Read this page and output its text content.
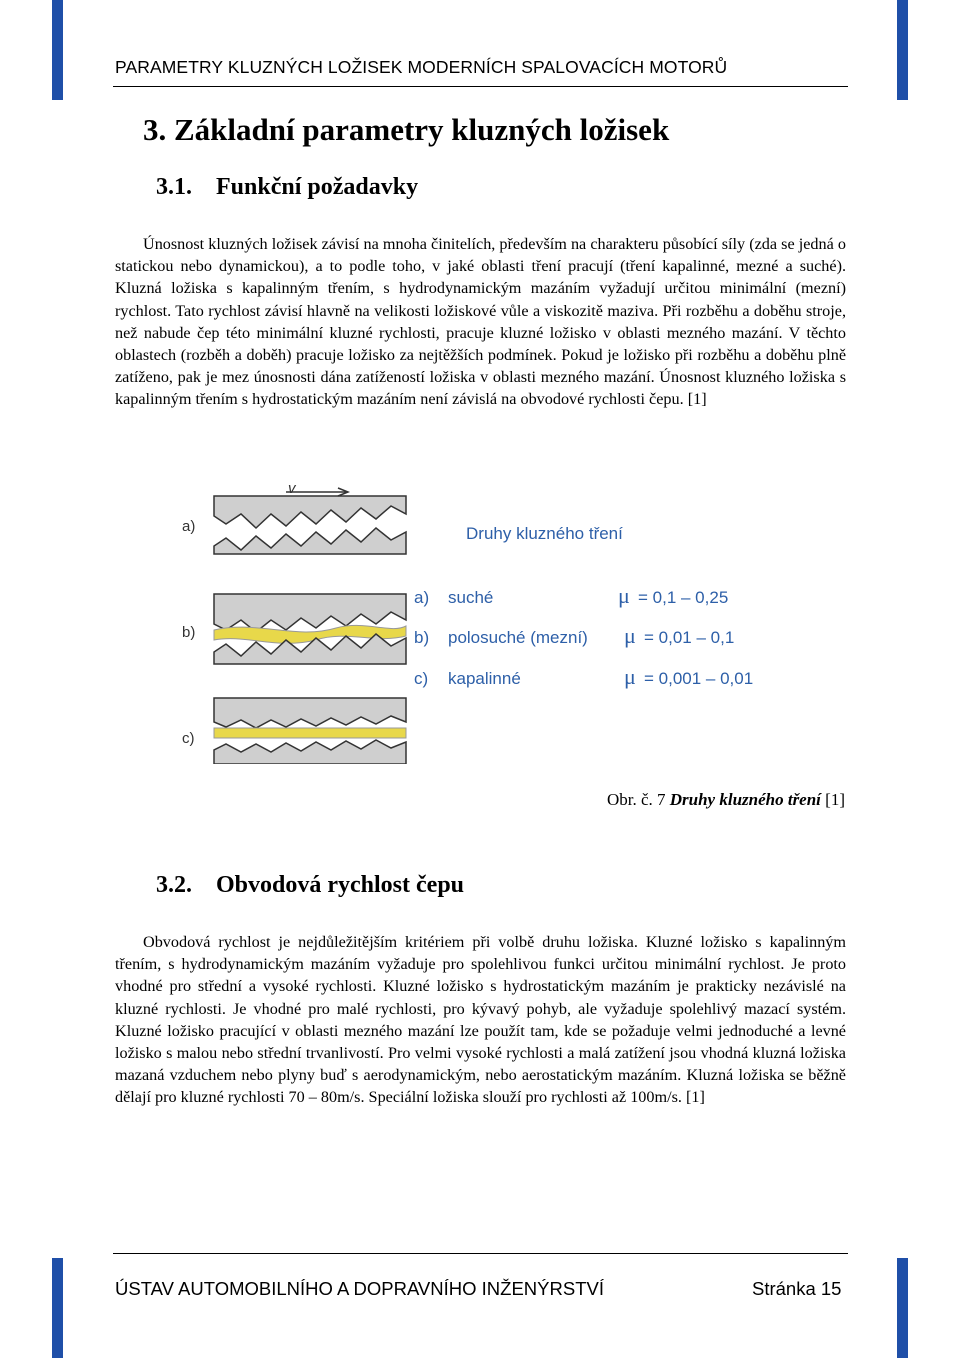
PARAMETRY KLUZNÝCH LOŽISEK MODERNÍCH SPALOVACÍCH MOTORŮ
3. Základní parametry kluzných ložisek
3.1. Funkční požadavky

Únosnost kluzných ložisek závisí na mnoha činitelích, především na charakteru působící síly (zda se jedná o statickou nebo dynamickou), a to podle toho, v jaké oblasti tření pracují (tření kapalinné, mezné a suché). Kluzná ložiska s kapalinným třením, s hydrodynamickým mazáním vyžadují určitou minimální (mezní) rychlost. Tato rychlost závisí hlavně na velikosti ložiskové vůle a viskozitě maziva. Při rozběhu a doběhu stroje, než nabude čep této minimální kluzné rychlosti, pracuje kluzné ložisko v oblasti mezného mazání. V těchto oblastech (rozběh a doběh) pracuje ložisko za nejtěžších podmínek. Pokud je ložisko při rozběhu a doběhu plně zatíženo, pak je mez únosnosti dána zatížeností ložiska v oblasti mezného mazání. Únosnost kluzného ložiska s kapalinným třením s hydrostatickým mazáním není závislá na obvodové rychlosti čepu. [1]

v
a)
b)
c)
Druhy kluzného tření
a) suché	μ = 0,1 – 0,25
b) polosuché (mezní) μ = 0,01 – 0,1
c) kapalinné	μ = 0,001 – 0,01
Obr. č. 7 Druhy kluzného tření [1]
3.2. Obvodová rychlost čepu

Obvodová rychlost je nejdůležitějším kritériem při volbě druhu ložiska. Kluzné ložisko s kapalinným třením, s hydrodynamickým mazáním vyžaduje pro spolehlivou funkci určitou minimální rychlost. Je proto vhodné pro střední a vysoké rychlosti. Kluzné ložisko s hydrostatickým mazáním je prakticky nezávislé na kluzné rychlosti. Je vhodné pro malé rychlosti, pro kývavý pohyb, ale vyžaduje spolehlivý mazací systém. Kluzné ložisko pracující v oblasti mezného mazání lze použít tam, kde se požaduje velmi jednoduché a levné ložisko s malou nebo střední trvanlivostí. Pro velmi vysoké rychlosti a malá zatížení jsou vhodná kluzná ložiska mazaná vzduchem nebo plyny buď s aerodynamickým, nebo aerostatickým mazáním. Kluzná ložiska se běžně dělají pro kluzné rychlosti 70 – 80m/s. Speciální ložiska slouží pro rychlosti až 100m/s. [1]

ÚSTAV AUTOMOBILNÍHO A DOPRAVNÍHO INŽENÝRSTVÍ	Stránka 15
